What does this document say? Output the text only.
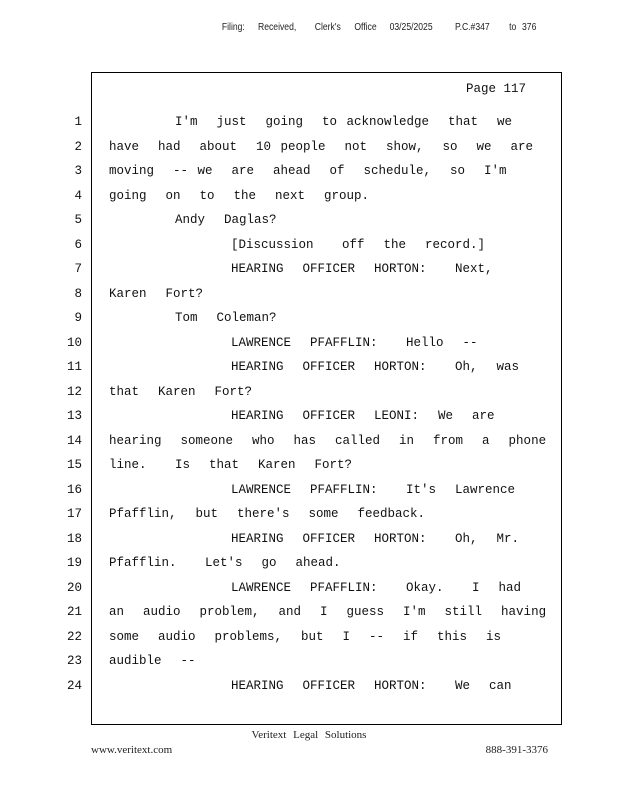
Filing: Received, Clerk's Office 03/25/2025 P.C.#347 to 376
Page 117
1	I'm  just  going  to acknowledge  that  we
2 have  had  about  10 people  not  show,  so  we  are
3 moving  -- we  are  ahead  of  schedule,  so  I'm
4 going  on  to  the  next  group.
5	Andy  Daglas?
6	[Discussion   off  the  record.]
7	HEARING  OFFICER  HORTON:   Next,
8 Karen  Fort?
9	Tom  Coleman?
10	LAWRENCE  PFAFFLIN:   Hello  --
11	HEARING  OFFICER  HORTON:   Oh,  was
12 that  Karen  Fort?
13	HEARING  OFFICER  LEONI:  We  are
14 hearing  someone  who  has  called  in  from  a  phone
15 line.   Is  that  Karen  Fort?
16	LAWRENCE  PFAFFLIN:   It's  Lawrence
17 Pfafflin,  but  there's  some  feedback.
18	HEARING  OFFICER  HORTON:   Oh,  Mr.
19 Pfafflin.   Let's  go  ahead.
20	LAWRENCE  PFAFFLIN:   Okay.   I  had
21 an  audio  problem,  and  I  guess  I'm  still  having
22 some  audio  problems,  but  I  --  if  this  is
23 audible  --
24	HEARING  OFFICER  HORTON:   We  can
Veritext Legal Solutions
www.veritext.com	888-391-3376
